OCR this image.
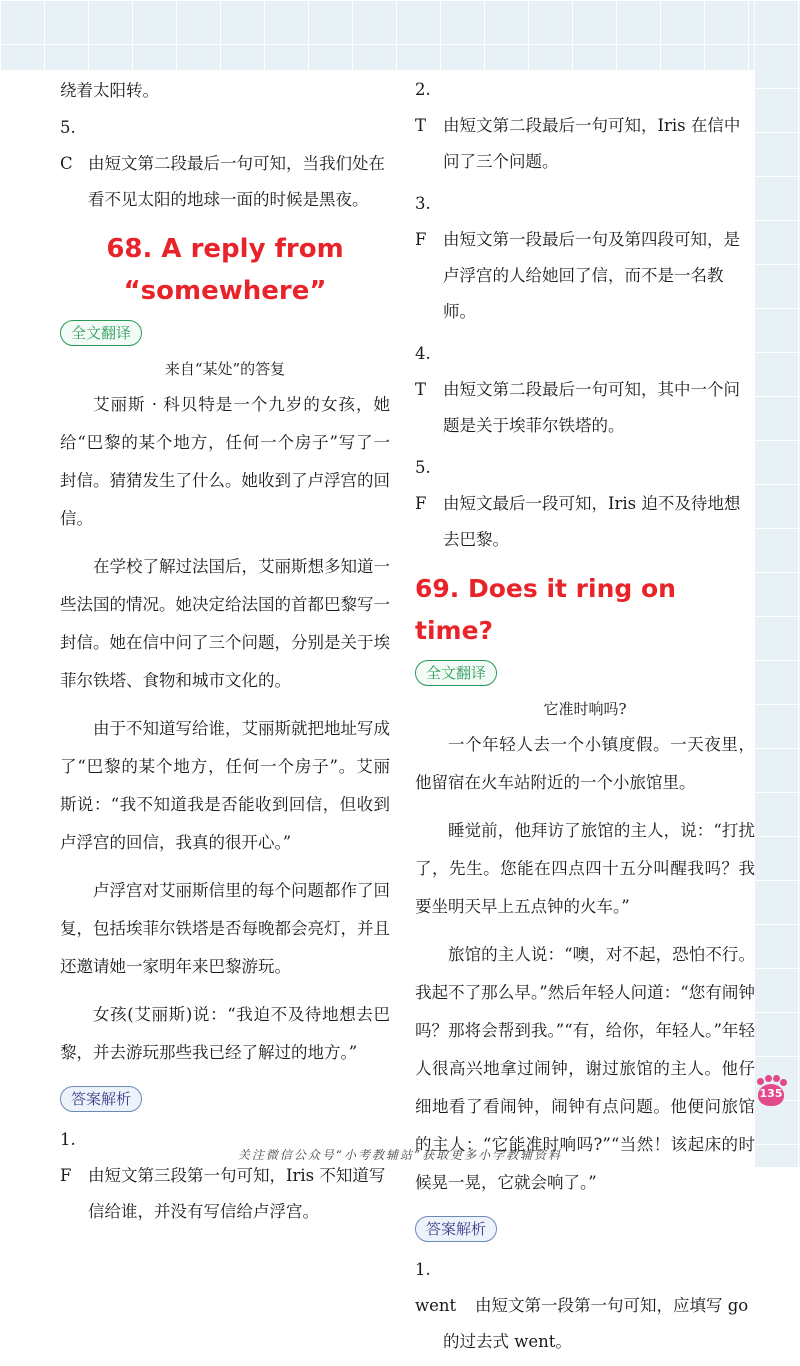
绕着太阳转。

5. C 由短文第二段最后一句可知，当我们处在看不见太阳的地球一面的时候是黑夜。

68. A reply from

“somewhere”

全文翻译

来自“某处”的答复

艾丽斯 · 科贝特是一个九岁的女孩，她给“巴黎的某个地方，任何一个房子”写了一封信。猜猜发生了什么。她收到了卢浮宫的回信。

在学校了解过法国后，艾丽斯想多知道一些法国的情况。她决定给法国的首都巴黎写一封信。她在信中问了三个问题，分别是关于埃菲尔铁塔、食物和城市文化的。

由于不知道写给谁，艾丽斯就把地址写成了“巴黎的某个地方，任何一个房子”。艾丽斯说：“我不知道我是否能收到回信，但收到卢浮宫的回信，我真的很开心。”

卢浮宫对艾丽斯信里的每个问题都作了回复，包括埃菲尔铁塔是否每晚都会亮灯，并且还邀请她一家明年来巴黎游玩。

女孩(艾丽斯)说：“我迫不及待地想去巴黎，并去游玩那些我已经了解过的地方。”

答案解析

1. F 由短文第三段第一句可知，Iris 不知道写信给谁，并没有写信给卢浮宫。

2. T 由短文第二段最后一句可知，Iris 在信中问了三个问题。

3. F 由短文第一段最后一句及第四段可知，是卢浮宫的人给她回了信，而不是一名教师。

4. T 由短文第二段最后一句可知，其中一个问题是关于埃菲尔铁塔的。

5. F 由短文最后一段可知，Iris 迫不及待地想去巴黎。

69. Does it ring on time?

全文翻译

它准时响吗?

一个年轻人去一个小镇度假。一天夜里，他留宿在火车站附近的一个小旅馆里。

睡觉前，他拜访了旅馆的主人，说：“打扰了，先生。您能在四点四十五分叫醒我吗？我要坐明天早上五点钟的火车。”

旅馆的主人说：“噢，对不起，恐怕不行。我起不了那么早。”然后年轻人问道：“您有闹钟吗？那将会帮到我。”“有，给你，年轻人。”年轻人很高兴地拿过闹钟，谢过旅馆的主人。他仔细地看了看闹钟，闹钟有点问题。他便问旅馆的主人：“它能准时响吗?”“当然！该起床的时候晃一晃，它就会响了。”

答案解析

1. went 由短文第一段第一句可知，应填写 go 的过去式 went。

135
关注微信公众号“小考教辅站”获取更多小学教辅资料
